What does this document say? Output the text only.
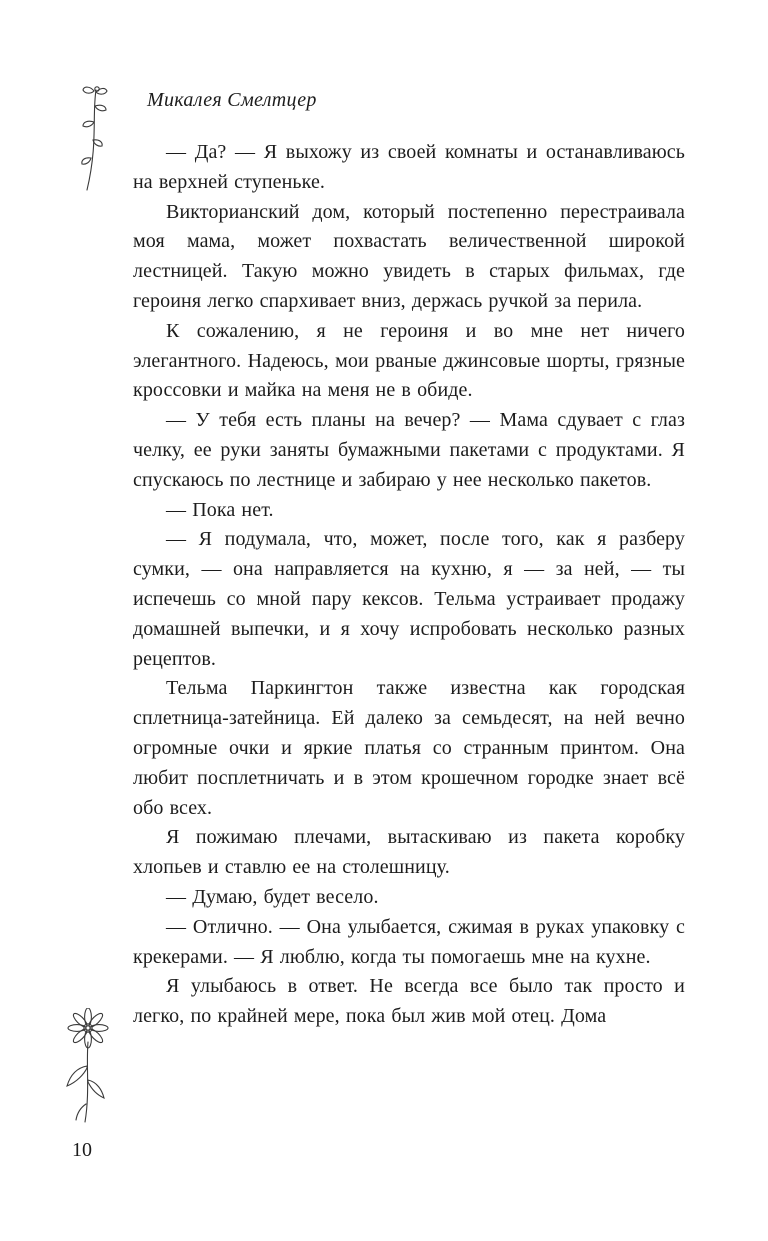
Микалея Смелтцер

— Да? — Я выхожу из своей комнаты и останавливаюсь на верхней ступеньке.

Викторианский дом, который постепенно перестраивала моя мама, может похвастать величественной широкой лестницей. Такую можно увидеть в старых фильмах, где героиня легко спархивает вниз, держась ручкой за перила.

К сожалению, я не героиня и во мне нет ничего элегантного. Надеюсь, мои рваные джинсовые шорты, грязные кроссовки и майка на меня не в обиде.

— У тебя есть планы на вечер? — Мама сдувает с глаз челку, ее руки заняты бумажными пакетами с продуктами. Я спускаюсь по лестнице и забираю у нее несколько пакетов.

— Пока нет.

— Я подумала, что, может, после того, как я разберу сумки, — она направляется на кухню, я — за ней, — ты испечешь со мной пару кексов. Тельма устраивает продажу домашней выпечки, и я хочу испробовать несколько разных рецептов.

Тельма Паркингтон также известна как городская сплетница-затейница. Ей далеко за семьдесят, на ней вечно огромные очки и яркие платья со странным принтом. Она любит посплетничать и в этом крошечном городке знает всё обо всех.

Я пожимаю плечами, вытаскиваю из пакета коробку хлопьев и ставлю ее на столешницу.

— Думаю, будет весело.

— Отлично. — Она улыбается, сжимая в руках упаковку с крекерами. — Я люблю, когда ты помогаешь мне на кухне.

Я улыбаюсь в ответ. Не всегда все было так просто и легко, по крайней мере, пока был жив мой отец. Дома

10
